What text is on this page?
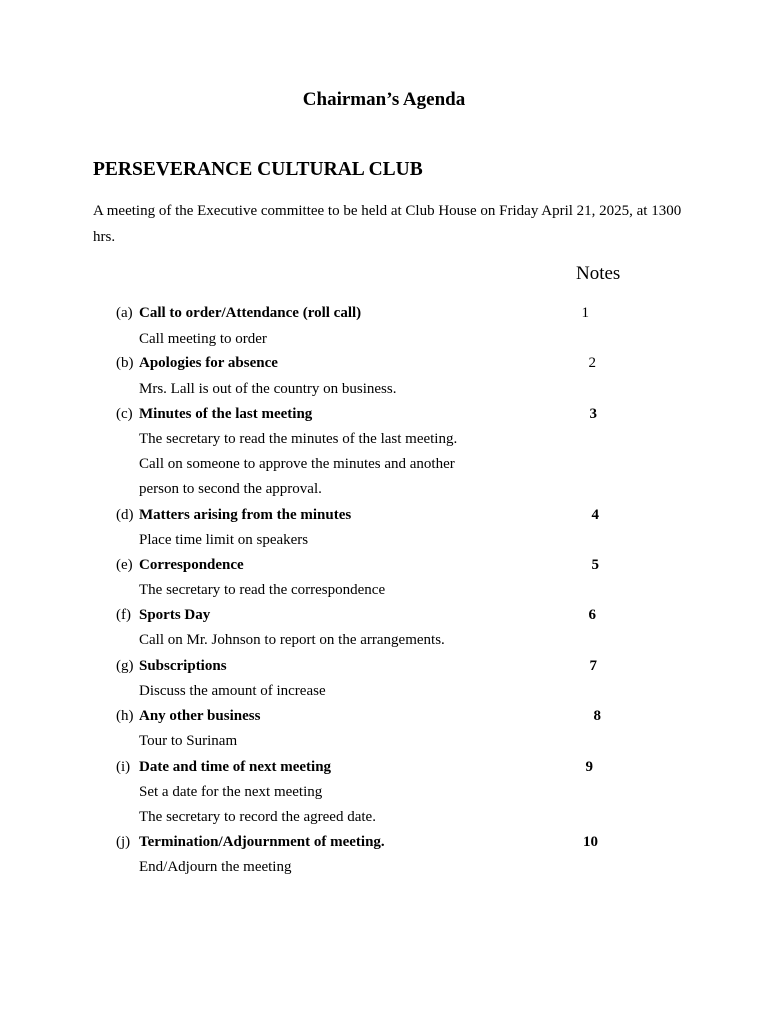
Chairman’s Agenda
PERSEVERANCE CULTURAL CLUB
A meeting of the Executive committee to be held at Club House on Friday April 21, 2025, at 1300 hrs.
Notes
(a) Call to order/Attendance (roll call)	1
Call meeting to order
(b) Apologies for absence	2
Mrs. Lall is out of the country on business.
(c) Minutes of the last meeting	3
The secretary to read the minutes of the last meeting.
Call on someone to approve the minutes and another
person to second the approval.
(d) Matters arising from the minutes	4
Place time limit on speakers
(e) Correspondence	5
The secretary to read the correspondence
(f) Sports Day	6
Call on Mr. Johnson to report on the arrangements.
(g) Subscriptions	7
Discuss the amount of increase
(h) Any other business	8
Tour to Surinam
(i) Date and time of next meeting	9
Set a date for the next meeting
The secretary to record the agreed date.
(j) Termination/Adjournment of meeting.	10
End/Adjourn the meeting
